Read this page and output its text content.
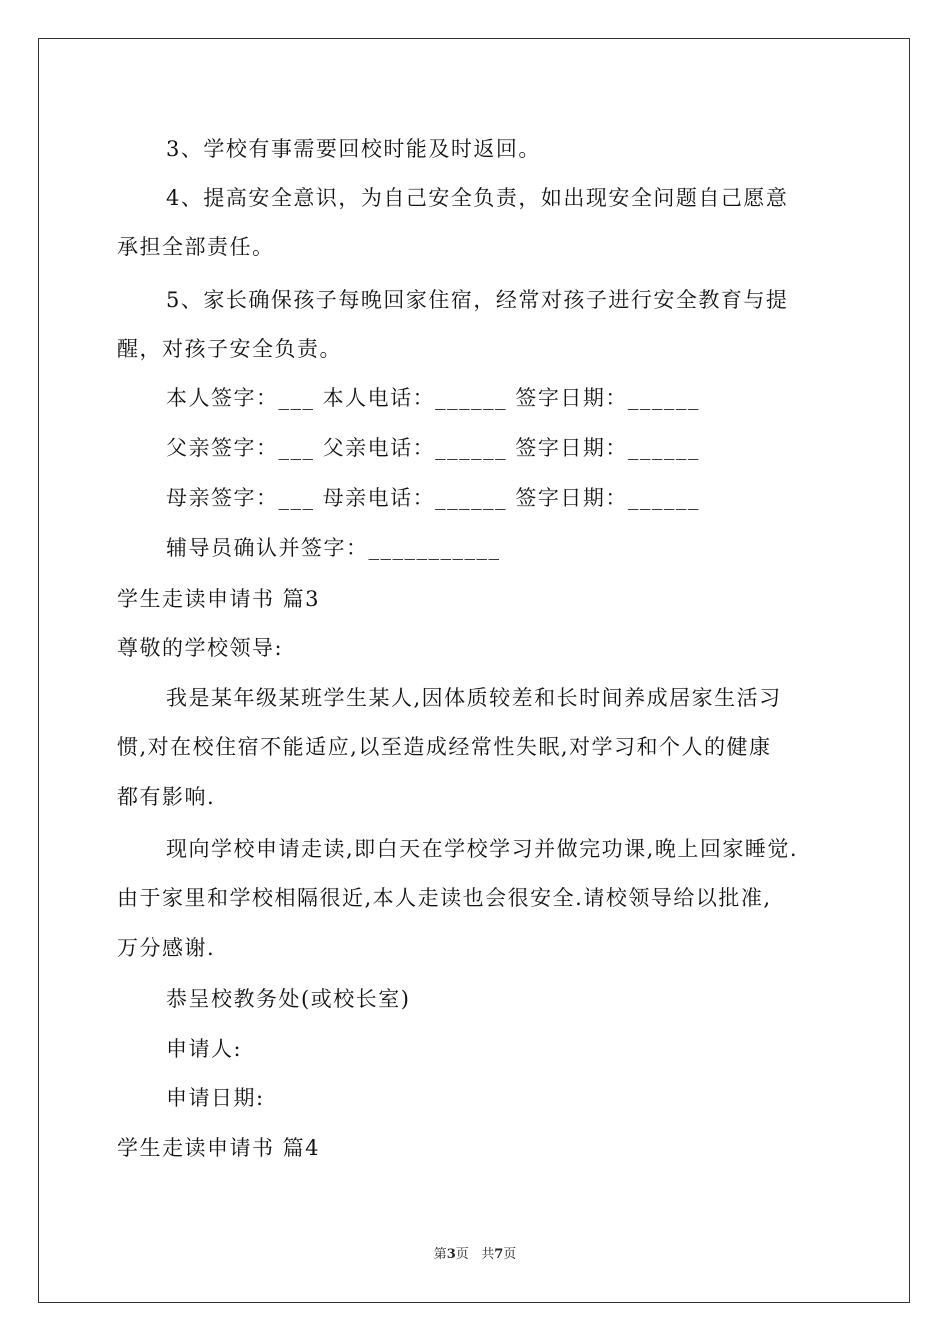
3、学校有事需要回校时能及时返回。
4、提高安全意识，为自己安全负责，如出现安全问题自己愿意
承担全部责任。
5、家长确保孩子每晚回家住宿，经常对孩子进行安全教育与提
醒，对孩子安全负责。
本人签字：___ 本人电话：______ 签字日期：______
父亲签字：___ 父亲电话：______ 签字日期：______
母亲签字：___ 母亲电话：______ 签字日期：______
辅导员确认并签字：___________
学生走读申请书 篇3
尊敬的学校领导:
我是某年级某班学生某人,因体质较差和长时间养成居家生活习
惯,对在校住宿不能适应,以至造成经常性失眠,对学习和个人的健康
都有影响.
现向学校申请走读,即白天在学校学习并做完功课,晚上回家睡觉.
由于家里和学校相隔很近,本人走读也会很安全.请校领导给以批准,
万分感谢.
恭呈校教务处(或校长室)
申请人:
申请日期:
学生走读申请书 篇4
第3页 共7页
